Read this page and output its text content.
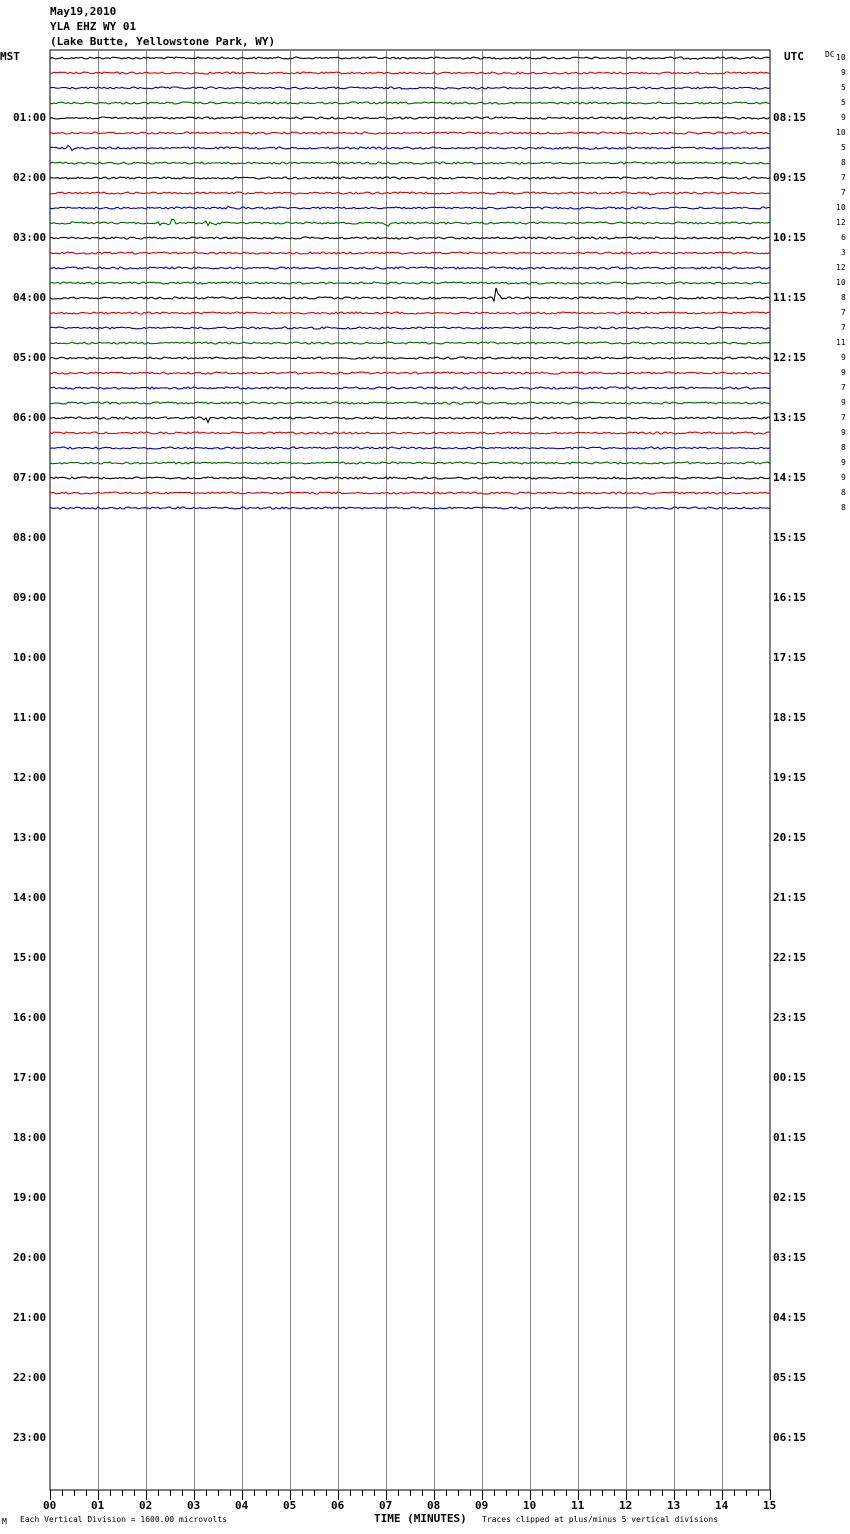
May19,2010
YLA EHZ WY 01
(Lake Butte, Yellowstone Park, WY)
MST	UTC	DC
01:00
02:00
03:00
04:00
05:00
06:00
07:00
08:00
09:00
10:00
11:00
12:00
13:00
14:00
15:00
16:00
17:00
18:00
19:00
20:00
21:00
22:00
23:00
08:15
09:15
10:15
11:15
12:15
13:15
14:15
15:15
16:15
17:15
18:15
19:15
20:15
21:15
22:15
23:15
00:15
01:15
02:15
03:15
04:15
05:15
06:15
10
9
5
5
9
10
5
8
7
7
10
12
6
3
12
10
8
7
7
11
9
9
7
9
7
9
8
9
9
8
8
00	01	02	03	04	05	06	07	08	09	10	11	12	13	14	15
M Each Vertical Division = 1600.00 microvolts	TIME (MINUTES) Traces clipped at plus/minus 5 vertical divisions
